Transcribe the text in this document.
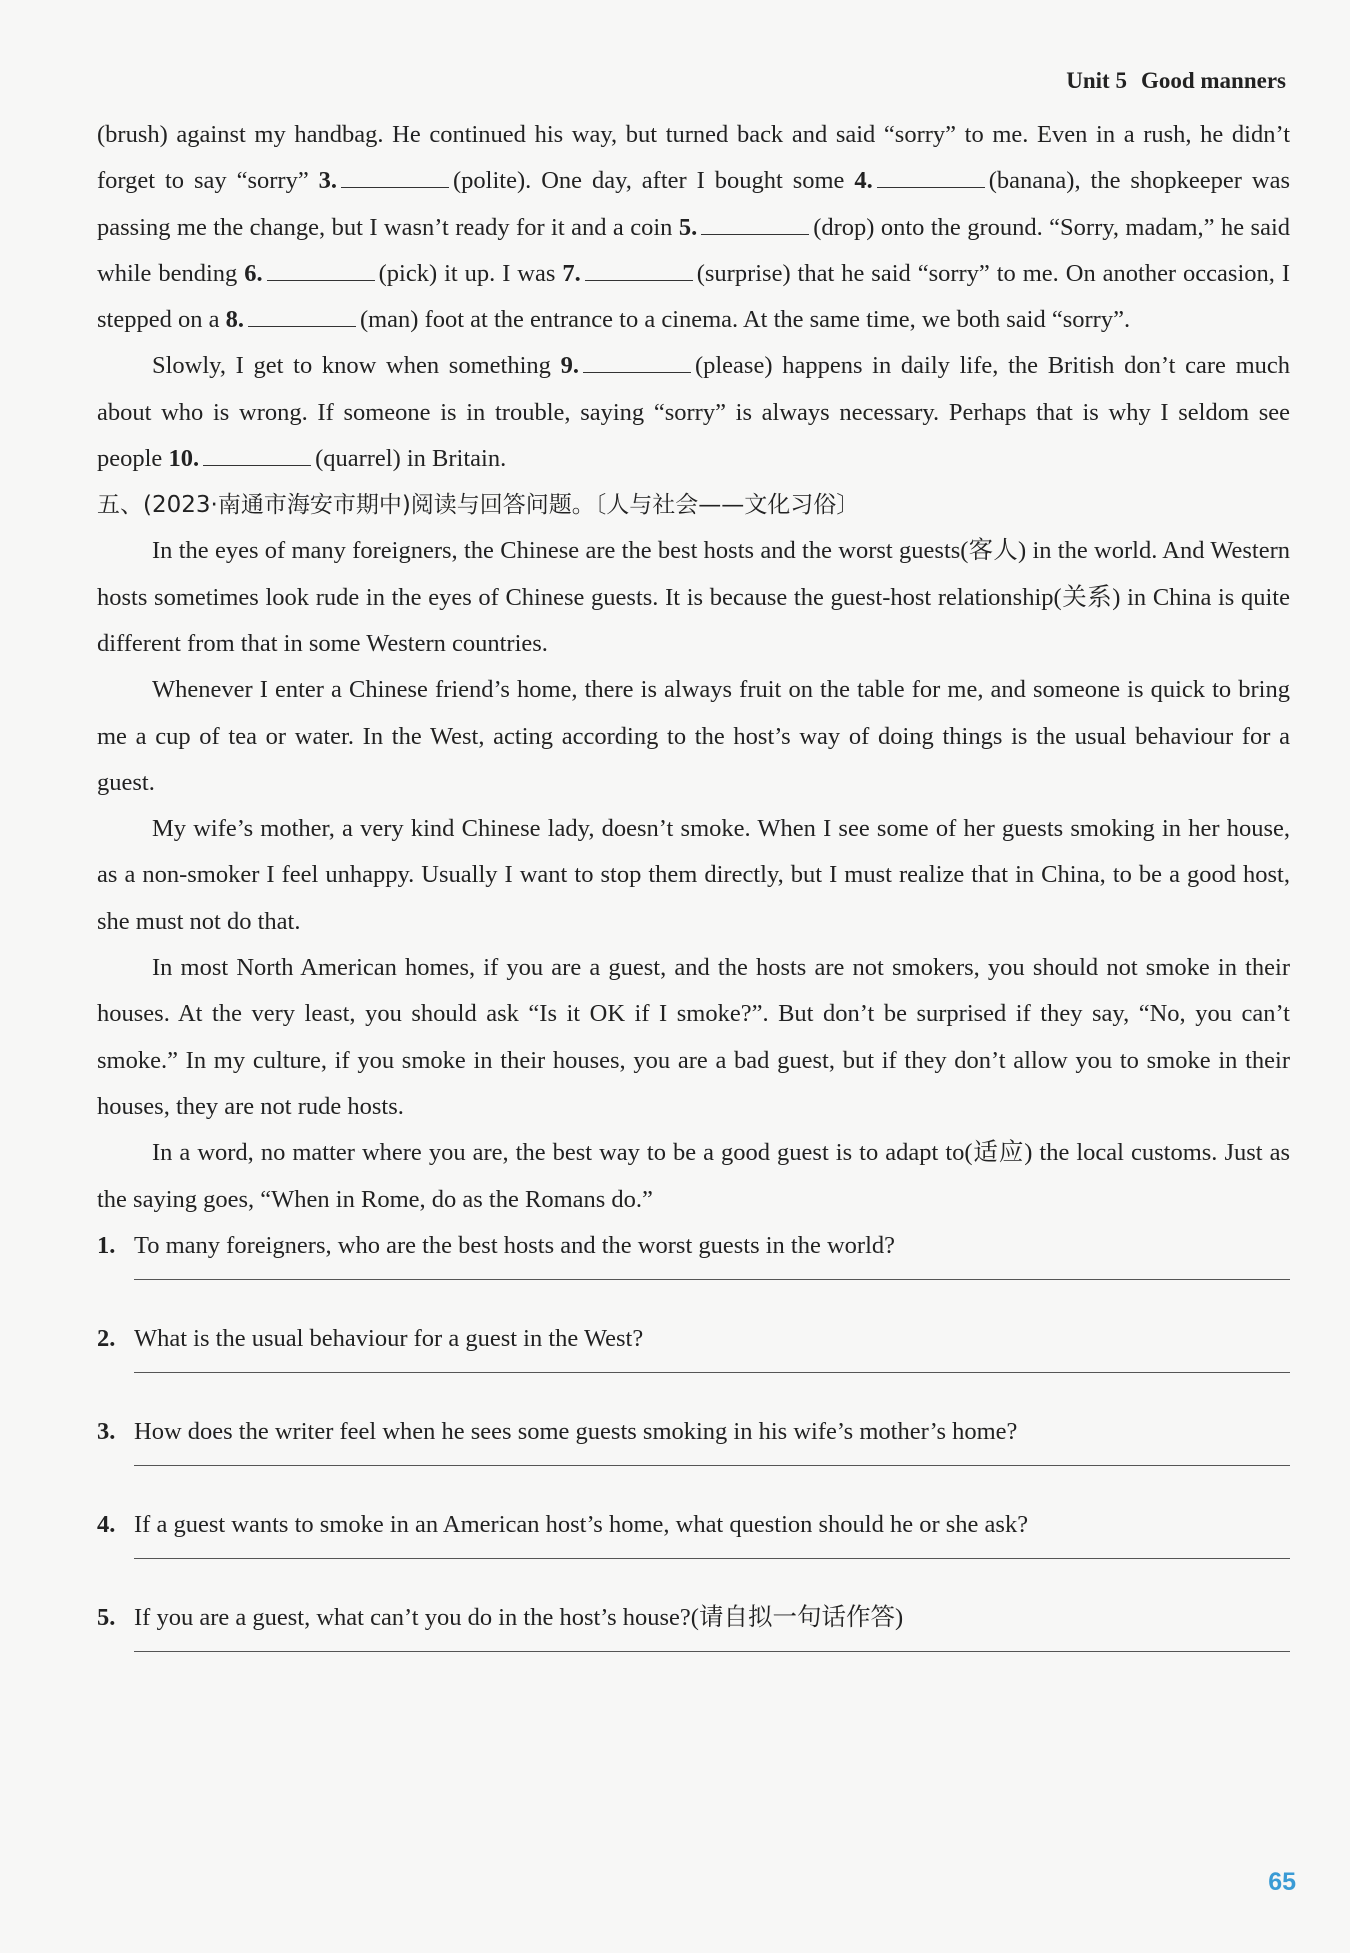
Unit 5 Good manners

(brush) against my handbag. He continued his way, but turned back and said “sorry” to me. Even in a rush, he didn’t forget to say “sorry” 3.	(polite). One day, after I bought some 4.	(banana), the shopkeeper was passing me the change, but I wasn’t ready for it and a coin 5.	(drop) onto the ground. “Sorry, madam,” he said while bending 6.	(pick) it up. I was 7.	(surprise) that he said “sorry” to me. On another occasion, I stepped on a 8.	(man) foot at the entrance to a cinema. At the same time, we both said “sorry”.

Slowly, I get to know when something 9.	(please) happens in daily life, the British don’t care much about who is wrong. If someone is in trouble, saying “sorry” is always necessary. Perhaps that is why I seldom see people 10.	(quarrel) in Britain.

五、(2023·南通市海安市期中)阅读与回答问题。〔人与社会——文化习俗〕

In the eyes of many foreigners, the Chinese are the best hosts and the worst guests(客人) in the world. And Western hosts sometimes look rude in the eyes of Chinese guests. It is because the guest-host relationship(关系) in China is quite different from that in some Western countries.

Whenever I enter a Chinese friend’s home, there is always fruit on the table for me, and someone is quick to bring me a cup of tea or water. In the West, acting according to the host’s way of doing things is the usual behaviour for a guest.

My wife’s mother, a very kind Chinese lady, doesn’t smoke. When I see some of her guests smoking in her house, as a non-smoker I feel unhappy. Usually I want to stop them directly, but I must realize that in China, to be a good host, she must not do that.

In most North American homes, if you are a guest, and the hosts are not smokers, you should not smoke in their houses. At the very least, you should ask “Is it OK if I smoke?”. But don’t be surprised if they say, “No, you can’t smoke.” In my culture, if you smoke in their houses, you are a bad guest, but if they don’t allow you to smoke in their houses, they are not rude hosts.

In a word, no matter where you are, the best way to be a good guest is to adapt to(适应) the local customs. Just as the saying goes, “When in Rome, do as the Romans do.”

1. To many foreigners, who are the best hosts and the worst guests in the world?
2. What is the usual behaviour for a guest in the West?
3. How does the writer feel when he sees some guests smoking in his wife’s mother’s home?
4. If a guest wants to smoke in an American host’s home, what question should he or she ask?
5. If you are a guest, what can’t you do in the host’s house?(请自拟一句话作答)
65
